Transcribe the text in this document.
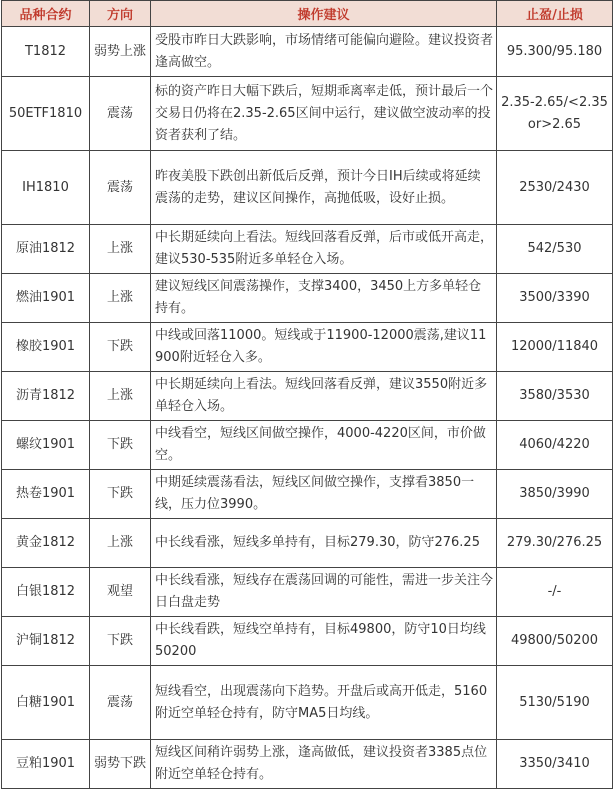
品种合约	方向	操作建议	止盈/止损
T1812	弱势上涨	受股市昨日大跌影响，市场情绪可能偏向避险。建议投资者逢高做空。	95.300/95.180
50ETF1810	震荡	标的资产昨日大幅下跌后，短期乖离率走低，预计最后一个交易日仍将在2.35-2.65区间中运行，建议做空波动率的投资者获利了结。	2.35-2.65/<2.35or>2.65
IH1810	震荡	昨夜美股下跌创出新低后反弹，预计今日IH后续或将延续震荡的走势，建议区间操作，高抛低吸，设好止损。	2530/2430
原油1812	上涨	中长期延续向上看法。短线回落看反弹，后市或低开高走，建议530-535附近多单轻仓入场。	542/530
燃油1901	上涨	建议短线区间震荡操作，支撑3400，3450上方多单轻仓持有。	3500/3390
橡胶1901	下跌	中线或回落11000。短线或于11900-12000震荡,建议11900附近轻仓入多。	12000/11840
沥青1812	上涨	中长期延续向上看法。短线回落看反弹，建议3550附近多单轻仓入场。	3580/3530
螺纹1901	下跌	中线看空，短线区间做空操作，4000-4220区间，市价做空。	4060/4220
热卷1901	下跌	中期延续震荡看法，短线区间做空操作，支撑看3850一线，压力位3990。	3850/3990
黄金1812	上涨	中长线看涨，短线多单持有，目标279.30，防守276.25	279.30/276.25
白银1812	观望	中长线看涨，短线存在震荡回调的可能性，需进一步关注今日白盘走势	-/-
沪铜1812	下跌	中长线看跌，短线空单持有，目标49800，防守10日均线50200	49800/50200
白糖1901	震荡	短线看空，出现震荡向下趋势。开盘后或高开低走，5160附近空单轻仓持有，防守MA5日均线。	5130/5190
豆粕1901	弱势下跌	短线区间稍许弱势上涨，逢高做低，建议投资者3385点位附近空单轻仓持有。	3350/3410
